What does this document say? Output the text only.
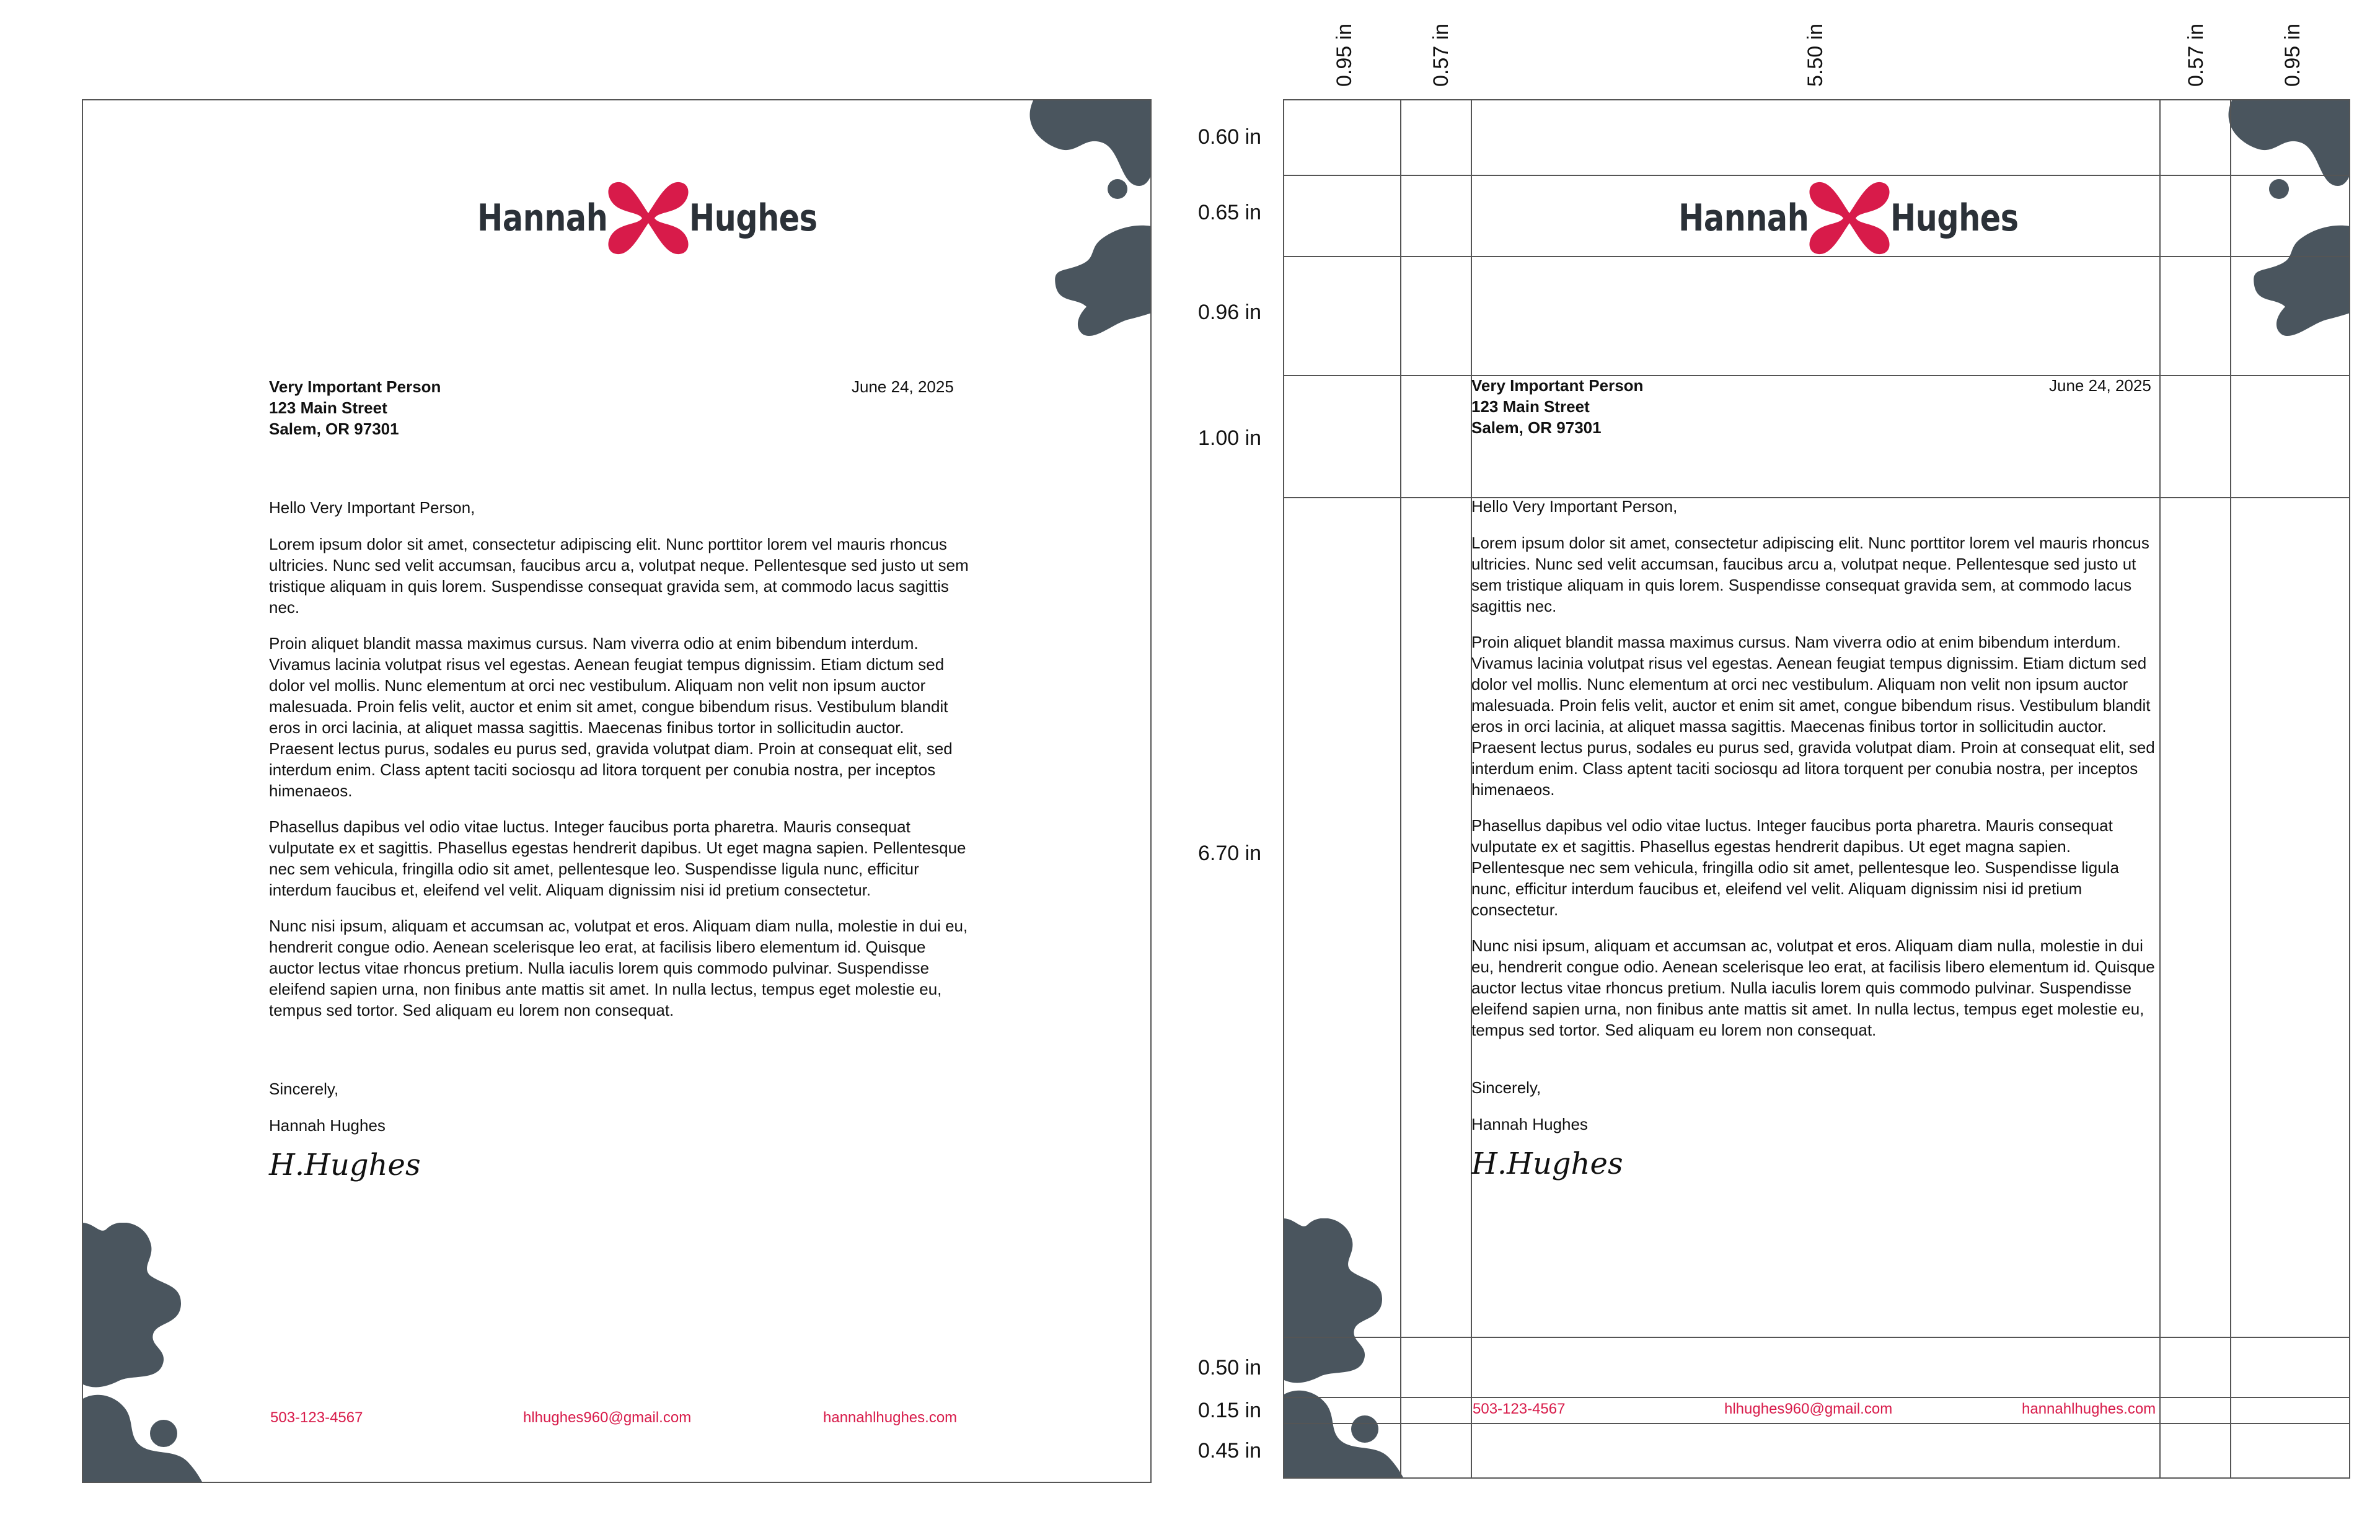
Hannah Hughes
Very Important Person
123 Main Street
Salem, OR 97301
June 24, 2025
Hello Very Important Person,

Lorem ipsum dolor sit amet, consectetur adipiscing elit. Nunc porttitor lorem vel mauris rhoncus ultricies. Nunc sed velit accumsan, faucibus arcu a, volutpat neque. Pellentesque sed justo ut sem tristique aliquam in quis lorem. Suspendisse consequat gravida sem, at commodo lacus sagittis nec.

Proin aliquet blandit massa maximus cursus. Nam viverra odio at enim bibendum interdum. Vivamus lacinia volutpat risus vel egestas. Aenean feugiat tempus dignissim. Etiam dictum sed dolor vel mollis. Nunc elementum at orci nec vestibulum. Aliquam non velit non ipsum auctor malesuada. Proin felis velit, auctor et enim sit amet, congue bibendum risus. Vestibulum blandit eros in orci lacinia, at aliquet massa sagittis. Maecenas finibus tortor in sollicitudin auctor. Praesent lectus purus, sodales eu purus sed, gravida volutpat diam. Proin at consequat elit, sed interdum enim. Class aptent taciti sociosqu ad litora torquent per conubia nostra, per inceptos himenaeos.

Phasellus dapibus vel odio vitae luctus. Integer faucibus porta pharetra. Mauris consequat vulputate ex et sagittis. Phasellus egestas hendrerit dapibus. Ut eget magna sapien. Pellentesque nec sem vehicula, fringilla odio sit amet, pellentesque leo. Suspendisse ligula nunc, efficitur interdum faucibus et, eleifend vel velit. Aliquam dignissim nisi id pretium consectetur.

Nunc nisi ipsum, aliquam et accumsan ac, volutpat et eros. Aliquam diam nulla, molestie in dui eu, hendrerit congue odio. Aenean scelerisque leo erat, at facilisis libero elementum id. Quisque auctor lectus vitae rhoncus pretium. Nulla iaculis lorem quis commodo pulvinar. Suspendisse eleifend sapien urna, non finibus ante mattis sit amet. In nulla lectus, tempus eget molestie eu, tempus sed tortor. Sed aliquam eu lorem non consequat.

Sincerely,
Hannah Hughes
H.Hughes
503-123-4567	hlhughes960@gmail.com	hannahlhughes.com
0.95 in	0.57 in	5.50 in	0.57 in	0.95 in
0.60 in
0.65 in
0.96 in
1.00 in
6.70 in
0.50 in
0.15 in
0.45 in
Hannah Hughes
Very Important Person
123 Main Street
Salem, OR 97301
June 24, 2025
Hello Very Important Person,

Lorem ipsum dolor sit amet, consectetur adipiscing elit. Nunc porttitor lorem vel mauris rhoncus ultricies. Nunc sed velit accumsan, faucibus arcu a, volutpat neque. Pellentesque sed justo ut sem tristique aliquam in quis lorem. Suspendisse consequat gravida sem, at commodo lacus sagittis nec.

Proin aliquet blandit massa maximus cursus. Nam viverra odio at enim bibendum interdum. Vivamus lacinia volutpat risus vel egestas. Aenean feugiat tempus dignissim. Etiam dictum sed dolor vel mollis. Nunc elementum at orci nec vestibulum. Aliquam non velit non ipsum auctor malesuada. Proin felis velit, auctor et enim sit amet, congue bibendum risus. Vestibulum blandit eros in orci lacinia, at aliquet massa sagittis. Maecenas finibus tortor in sollicitudin auctor. Praesent lectus purus, sodales eu purus sed, gravida volutpat diam. Proin at consequat elit, sed interdum enim. Class aptent taciti sociosqu ad litora torquent per conubia nostra, per inceptos himenaeos.

Phasellus dapibus vel odio vitae luctus. Integer faucibus porta pharetra. Mauris consequat vulputate ex et sagittis. Phasellus egestas hendrerit dapibus. Ut eget magna sapien. Pellentesque nec sem vehicula, fringilla odio sit amet, pellentesque leo. Suspendisse ligula nunc, efficitur interdum faucibus et, eleifend vel velit. Aliquam dignissim nisi id pretium consectetur.

Nunc nisi ipsum, aliquam et accumsan ac, volutpat et eros. Aliquam diam nulla, molestie in dui eu, hendrerit congue odio. Aenean scelerisque leo erat, at facilisis libero elementum id. Quisque auctor lectus vitae rhoncus pretium. Nulla iaculis lorem quis commodo pulvinar. Suspendisse eleifend sapien urna, non finibus ante mattis sit amet. In nulla lectus, tempus eget molestie eu, tempus sed tortor. Sed aliquam eu lorem non consequat.

Sincerely,
Hannah Hughes
H.Hughes
503-123-4567	hlhughes960@gmail.com	hannahlhughes.com
